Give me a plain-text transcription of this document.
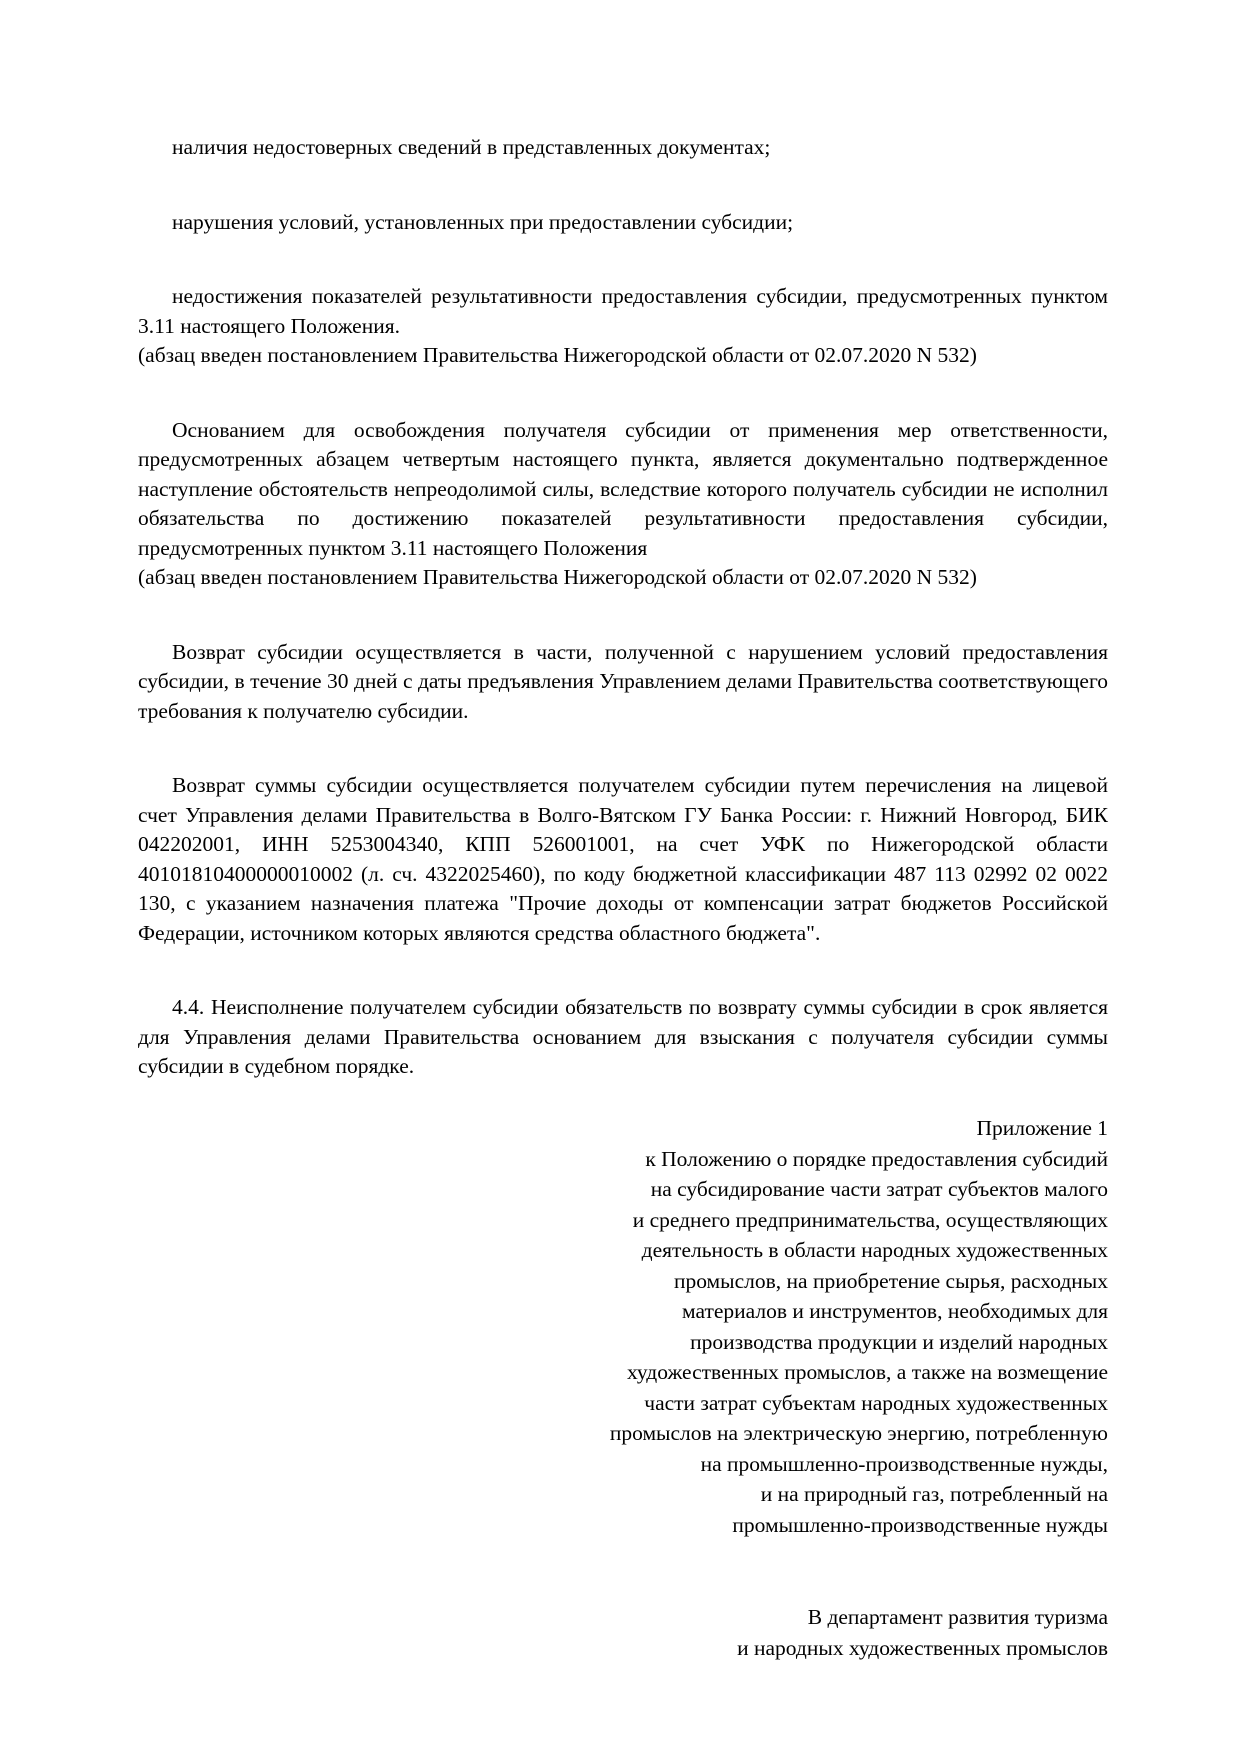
наличия недостоверных сведений в представленных документах;

нарушения условий, установленных при предоставлении субсидии;

недостижения показателей результативности предоставления субсидии, предусмотренных пунктом 3.11 настоящего Положения.

(абзац введен постановлением Правительства Нижегородской области от 02.07.2020 N 532)

Основанием для освобождения получателя субсидии от применения мер ответственности, предусмотренных абзацем четвертым настоящего пункта, является документально подтвержденное наступление обстоятельств непреодолимой силы, вследствие которого получатель субсидии не исполнил обязательства по достижению показателей результативности предоставления субсидии, предусмотренных пунктом 3.11 настоящего Положения

(абзац введен постановлением Правительства Нижегородской области от 02.07.2020 N 532)

Возврат субсидии осуществляется в части, полученной с нарушением условий предоставления субсидии, в течение 30 дней с даты предъявления Управлением делами Правительства соответствующего требования к получателю субсидии.

Возврат суммы субсидии осуществляется получателем субсидии путем перечисления на лицевой счет Управления делами Правительства в Волго-Вятском ГУ Банка России: г. Нижний Новгород, БИК 042202001, ИНН 5253004340, КПП 526001001, на счет УФК по Нижегородской области 40101810400000010002 (л. сч. 4322025460), по коду бюджетной классификации 487 113 02992 02 0022 130, с указанием назначения платежа "Прочие доходы от компенсации затрат бюджетов Российской Федерации, источником которых являются средства областного бюджета".

4.4. Неисполнение получателем субсидии обязательств по возврату суммы субсидии в срок является для Управления делами Правительства основанием для взыскания с получателя субсидии суммы субсидии в судебном порядке.

Приложение 1

к Положению о порядке предоставления субсидий
на субсидирование части затрат субъектов малого
и среднего предпринимательства, осуществляющих
деятельность в области народных художественных
промыслов, на приобретение сырья, расходных
материалов и инструментов, необходимых для
производства продукции и изделий народных
художественных промыслов, а также на возмещение
части затрат субъектам народных художественных
промыслов на электрическую энергию, потребленную
на промышленно-производственные нужды,
и на природный газ, потребленный на
промышленно-производственные нужды

В департамент развития туризма
и народных художественных промыслов
